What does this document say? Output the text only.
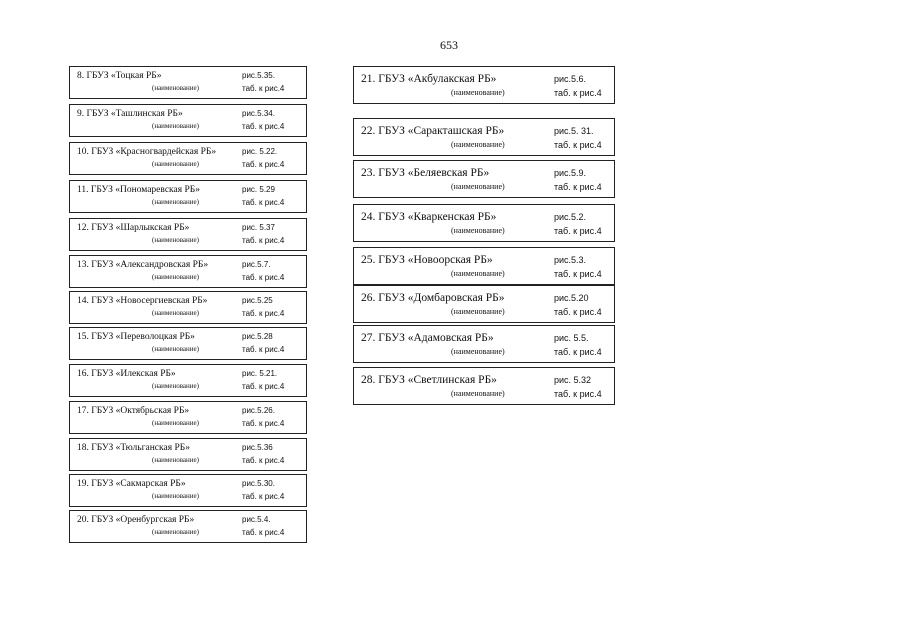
653
8. ГБУЗ «Тоцкая РБ»
(наименование)
рис.5.35.
таб. к рис.4
9. ГБУЗ «Ташлинская РБ»
(наименование)
рис.5.34.
таб. к рис.4
10. ГБУЗ «Красногвардейская РБ»
(наименование)
рис. 5.22.
таб. к рис.4
11. ГБУЗ «Пономаревская РБ»
(наименование)
рис. 5.29
таб. к рис.4
12. ГБУЗ «Шарлыкская РБ»
(наименование)
рис. 5.37
таб. к рис.4
13. ГБУЗ «Александровская РБ»
(наименование)
рис.5.7.
таб. к рис.4
14. ГБУЗ «Новосергиевская РБ»
(наименование)
рис.5.25
таб. к рис.4
15. ГБУЗ «Переволоцкая РБ»
(наименование)
рис.5.28
таб. к рис.4
16. ГБУЗ «Илекская РБ»
(наименование)
рис. 5.21.
таб. к рис.4
17. ГБУЗ «Октябрьская РБ»
(наименование)
рис.5.26.
таб. к рис.4
18. ГБУЗ «Тюльганская РБ»
(наименование)
рис.5.36
таб. к рис.4
19. ГБУЗ «Сакмарская РБ»
(наименование)
рис.5.30.
таб. к рис.4
20. ГБУЗ «Оренбургская РБ»
(наименование)
рис.5.4.
таб. к рис.4
21. ГБУЗ «Акбулакская РБ»
(наименование)
рис.5.6.
таб. к рис.4
22. ГБУЗ «Саракташская РБ»
(наименование)
рис.5. 31.
таб. к рис.4
23. ГБУЗ «Беляевская РБ»
(наименование)
рис.5.9.
таб. к рис.4
24. ГБУЗ «Кваркенская РБ»
(наименование)
рис.5.2.
таб. к рис.4
25. ГБУЗ «Новоорская РБ»
(наименование)
рис.5.3.
таб. к рис.4
26. ГБУЗ «Домбаровская РБ»
(наименование)
рис.5.20
таб. к рис.4
27. ГБУЗ «Адамовская РБ»
(наименование)
рис. 5.5.
таб. к рис.4
28. ГБУЗ «Светлинская РБ»
(наименование)
рис. 5.32
таб. к рис.4
